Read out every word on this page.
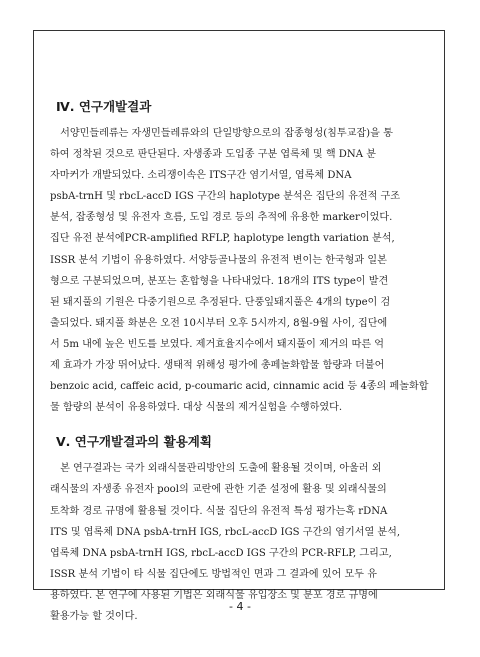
Ⅳ. 연구개발결과

　서양민들레류는 자생민들레류와의 단일방향으로의 잡종형성(침투교잡)을 통
하여 정착된 것으로 판단된다. 자생종과 도입종 구분 엽록체 및 핵 DNA 분
자마커가 개발되었다. 소리쟁이속은 ITS구간 염기서열, 엽록체 DNA
psbA-trnH 및 rbcL-accD IGS 구간의 haplotype 분석은 집단의 유전적 구조
분석, 잡종형성 및 유전자 흐름, 도입 경로 등의 추적에 유용한 marker이었다.
집단 유전 분석에PCR-amplified RFLP, haplotype length variation 분석,
ISSR 분석 기법이 유용하였다. 서양등골나물의 유전적 변이는 한국형과 일본
형으로 구분되었으며, 분포는 혼합형을 나타내었다. 18개의 ITS type이 발견
된 돼지풀의 기원은 다중기원으로 추정된다. 단풍잎돼지풀은 4개의 type이 검
출되었다. 돼지풀 화분은 오전 10시부터 오후 5시까지, 8월-9월 사이, 집단에
서 5m 내에 높은 빈도를 보였다. 제거효율지수에서 돼지풀이 제거의 따른 억
제 효과가 가장 뛰어났다. 생태적 위해성 평가에 총페놀화합물 함량과 더불어
benzoic acid, caffeic acid, p-coumaric acid, cinnamic acid 등 4종의 페놀화합
물 함량의 분석이 유용하였다. 대상 식물의 제거실험을 수행하였다.

Ⅴ. 연구개발결과의 활용계획

　본 연구결과는 국가 외래식물관리방안의 도출에 활용될 것이며, 아울러 외
래식물의 자생종 유전자 pool의 교란에 관한 기준 설정에 활용 및 외래식물의
토착화 경로 규명에 활용될 것이다. 식물 집단의 유전적 특성 평가는혹 rDNA
ITS 및 엽록체 DNA psbA-trnH IGS, rbcL-accD IGS 구간의 염기서열 분석,
엽록체 DNA psbA-trnH IGS, rbcL-accD IGS 구간의 PCR-RFLP, 그리고,
ISSR 분석 기법이 타 식물 집단에도 방법적인 면과 그 결과에 있어 모두 유
용하였다. 본 연구에 사용된 기법은 외래식물 유입장소 및 분포 경로 규명에
활용가능 할 것이다.

- 4 -
